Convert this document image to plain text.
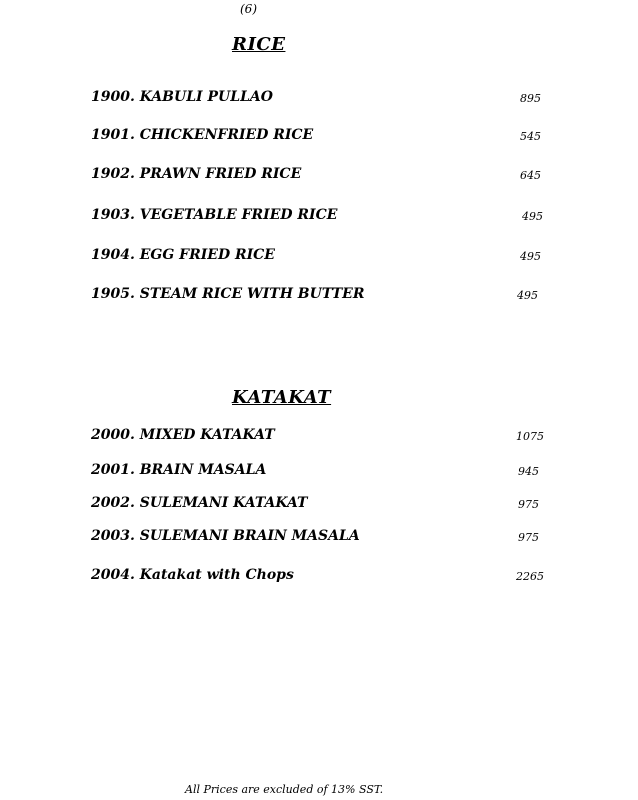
(6)
RICE
1900. KABULI PULLAO	895
1901. CHICKENFRIED RICE	545
1902. PRAWN FRIED RICE	645
1903. VEGETABLE FRIED RICE	495
1904. EGG FRIED RICE	495
1905. STEAM RICE WITH BUTTER	495
KATAKAT
2000. MIXED KATAKAT	1075
2001. BRAIN MASALA	945
2002. SULEMANI KATAKAT	975
2003. SULEMANI BRAIN MASALA	975
2004. Katakat with Chops	2265
All Prices are excluded of 13% SST.
